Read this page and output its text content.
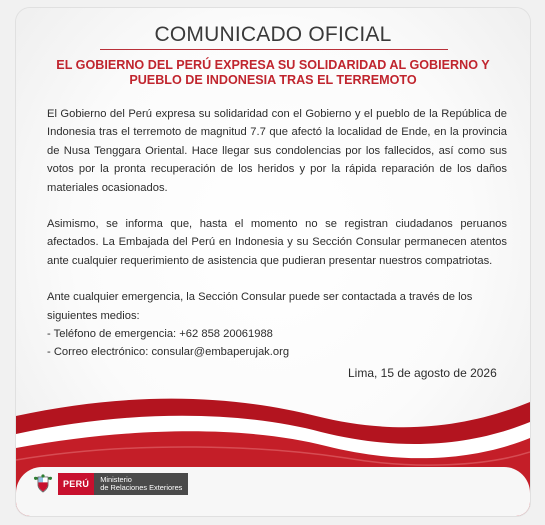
COMUNICADO OFICIAL
EL GOBIERNO DEL PERÚ EXPRESA SU SOLIDARIDAD AL GOBIERNO Y PUEBLO DE INDONESIA TRAS EL TERREMOTO

El Gobierno del Perú expresa su solidaridad con el Gobierno y el pueblo de la República de Indonesia tras el terremoto de magnitud 7.7 que afectó la localidad de Ende, en la provincia de Nusa Tenggara Oriental. Hace llegar sus condolencias por los fallecidos, así como sus votos por la pronta recuperación de los heridos y por la rápida reparación de los daños materiales ocasionados.

Asimismo, se informa que, hasta el momento no se registran ciudadanos peruanos afectados. La Embajada del Perú en Indonesia y su Sección Consular permanecen atentos ante cualquier requerimiento de asistencia que pudieran presentar nuestros compatriotas.

Ante cualquier emergencia, la Sección Consular puede ser contactada a través de los siguientes medios:
- Teléfono de emergencia: +62 858 20061988
- Correo electrónico: consular@embaperujak.org
Lima, 15 de agosto de 2026
PERÚ	Ministerio
de Relaciones Exteriores
